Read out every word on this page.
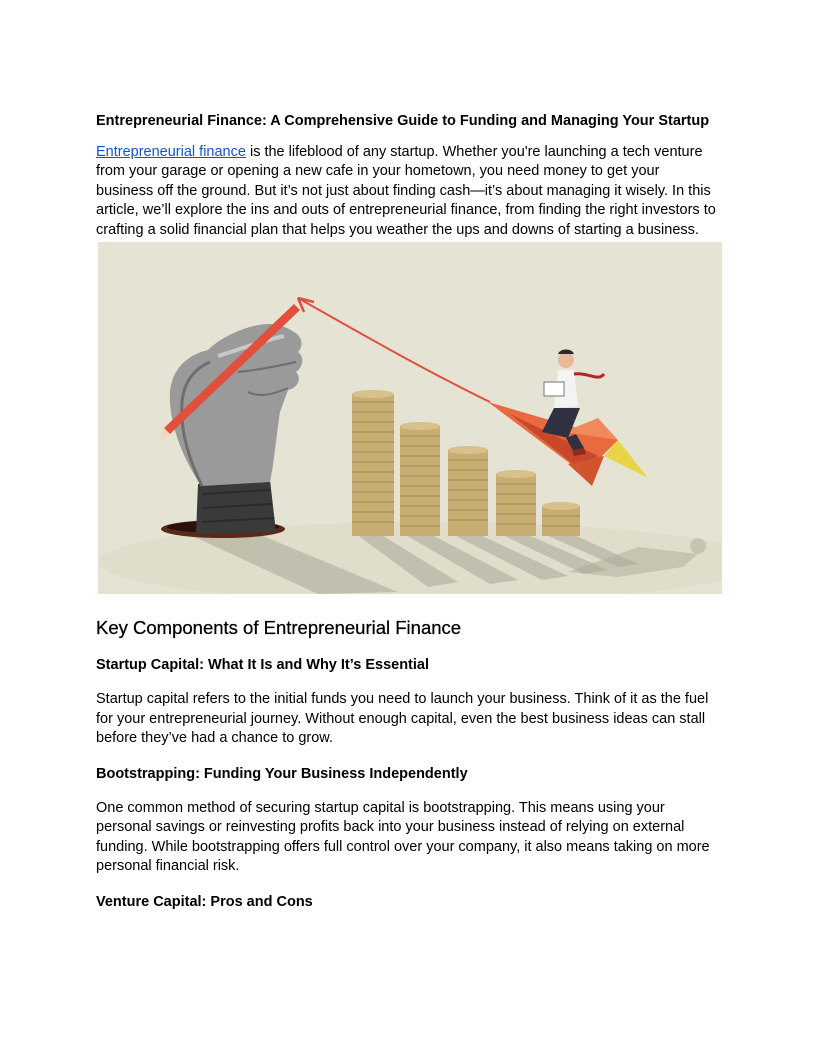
Entrepreneurial Finance: A Comprehensive Guide to Funding and Managing Your Startup

Entrepreneurial finance is the lifeblood of any startup. Whether you're launching a tech venture from your garage or opening a new cafe in your hometown, you need money to get your business off the ground. But it’s not just about finding cash—it’s about managing it wisely. In this article, we’ll explore the ins and outs of entrepreneurial finance, from finding the right investors to crafting a solid financial plan that helps you weather the ups and downs of starting a business.

Key Components of Entrepreneurial Finance
Startup Capital: What It Is and Why It’s Essential

Startup capital refers to the initial funds you need to launch your business. Think of it as the fuel for your entrepreneurial journey. Without enough capital, even the best business ideas can stall before they’ve had a chance to grow.

Bootstrapping: Funding Your Business Independently

One common method of securing startup capital is bootstrapping. This means using your personal savings or reinvesting profits back into your business instead of relying on external funding. While bootstrapping offers full control over your company, it also means taking on more personal financial risk.

Venture Capital: Pros and Cons
